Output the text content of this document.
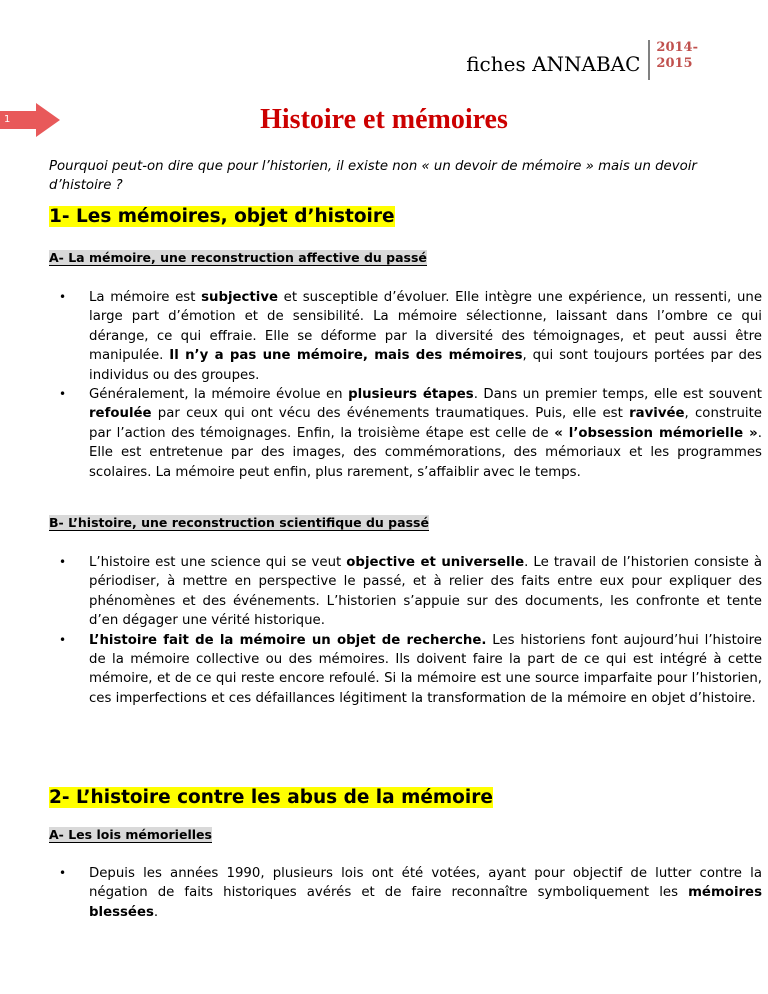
fiches ANNABAC
2014-
2015
1	Histoire et mémoires

Pourquoi peut-on dire que pour l’historien, il existe non « un devoir de mémoire » mais un devoir d’histoire ?

1- Les mémoires, objet d’histoire
A- La mémoire, une reconstruction affective du passé
• La mémoire est subjective et susceptible d’évoluer. Elle intègre une expérience, un ressenti, une large part d’émotion et de sensibilité. La mémoire sélectionne, laissant dans l’ombre ce qui dérange, ce qui effraie. Elle se déforme par la diversité des témoignages, et peut aussi être manipulée. Il n’y a pas une mémoire, mais des mémoires, qui sont toujours portées par des individus ou des groupes.
• Généralement, la mémoire évolue en plusieurs étapes. Dans un premier temps, elle est souvent refoulée par ceux qui ont vécu des événements traumatiques. Puis, elle est ravivée, construite par l’action des témoignages. Enfin, la troisième étape est celle de « l’obsession mémorielle ». Elle est entretenue par des images, des commémorations, des mémoriaux et les programmes scolaires. La mémoire peut enfin, plus rarement, s’affaiblir avec le temps.
B- L’histoire, une reconstruction scientifique du passé
• L’histoire est une science qui se veut objective et universelle. Le travail de l’historien consiste à périodiser, à mettre en perspective le passé, et à relier des faits entre eux pour expliquer des phénomènes et des événements. L’historien s’appuie sur des documents, les confronte et tente d’en dégager une vérité historique.
• L’histoire fait de la mémoire un objet de recherche. Les historiens font aujourd’hui l’histoire de la mémoire collective ou des mémoires. Ils doivent faire la part de ce qui est intégré à cette mémoire, et de ce qui reste encore refoulé. Si la mémoire est une source imparfaite pour l’historien, ces imperfections et ces défaillances légitiment la transformation de la mémoire en objet d’histoire.
2- L’histoire contre les abus de la mémoire
A- Les lois mémorielles
• Depuis les années 1990, plusieurs lois ont été votées, ayant pour objectif de lutter contre la négation de faits historiques avérés et de faire reconnaître symboliquement les mémoires blessées.
